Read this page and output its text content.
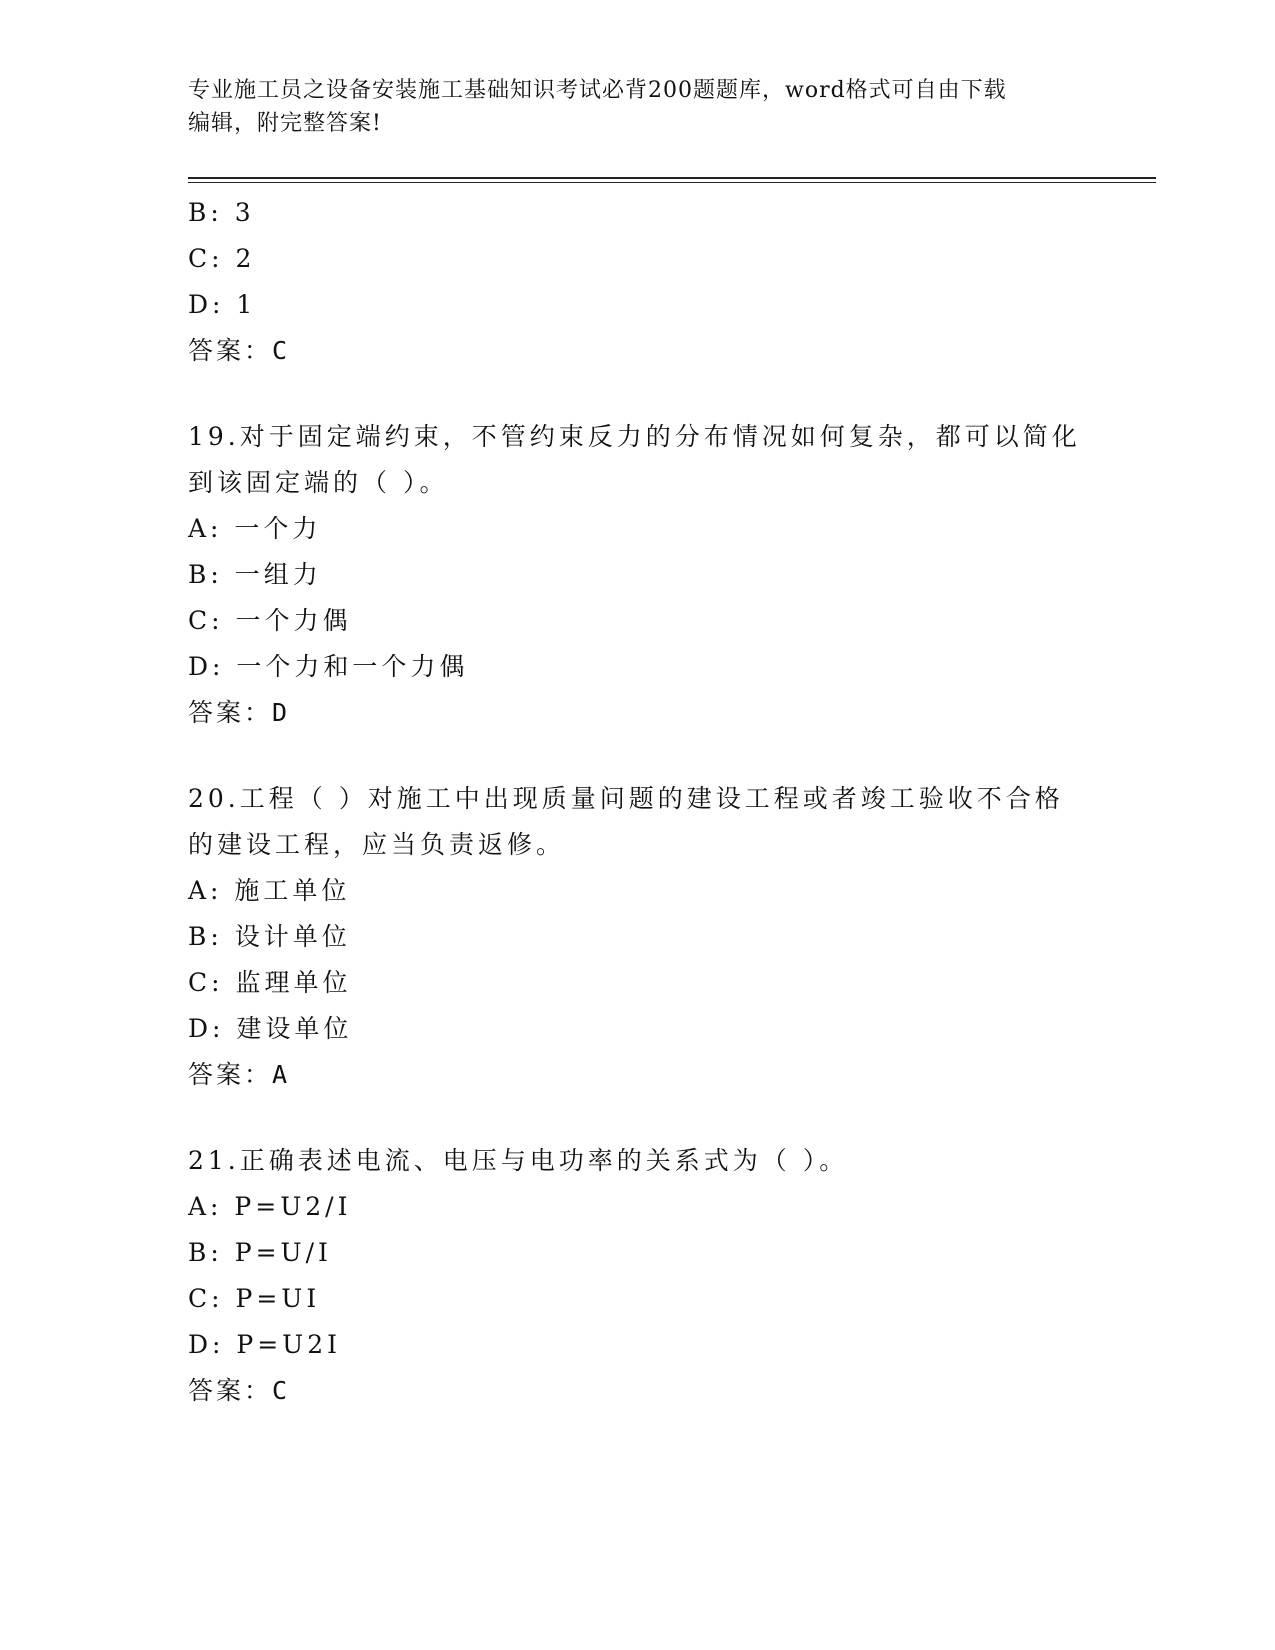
专业施工员之设备安装施工基础知识考试必背200题题库，word格式可自由下载
编辑，附完整答案!
B: 3
C: 2
D: 1
答案：C
19.对于固定端约束，不管约束反力的分布情况如何复杂，都可以简化
到该固定端的（ ）。
A: 一个力
B: 一组力
C: 一个力偶
D: 一个力和一个力偶
答案：D
20.工程（ ）对施工中出现质量问题的建设工程或者竣工验收不合格
的建设工程，应当负责返修。
A: 施工单位
B: 设计单位
C: 监理单位
D: 建设单位
答案：A
21.正确表述电流、电压与电功率的关系式为（ ）。
A: P=U2/I
B: P=U/I
C: P=UI
D: P=U2I
答案：C
